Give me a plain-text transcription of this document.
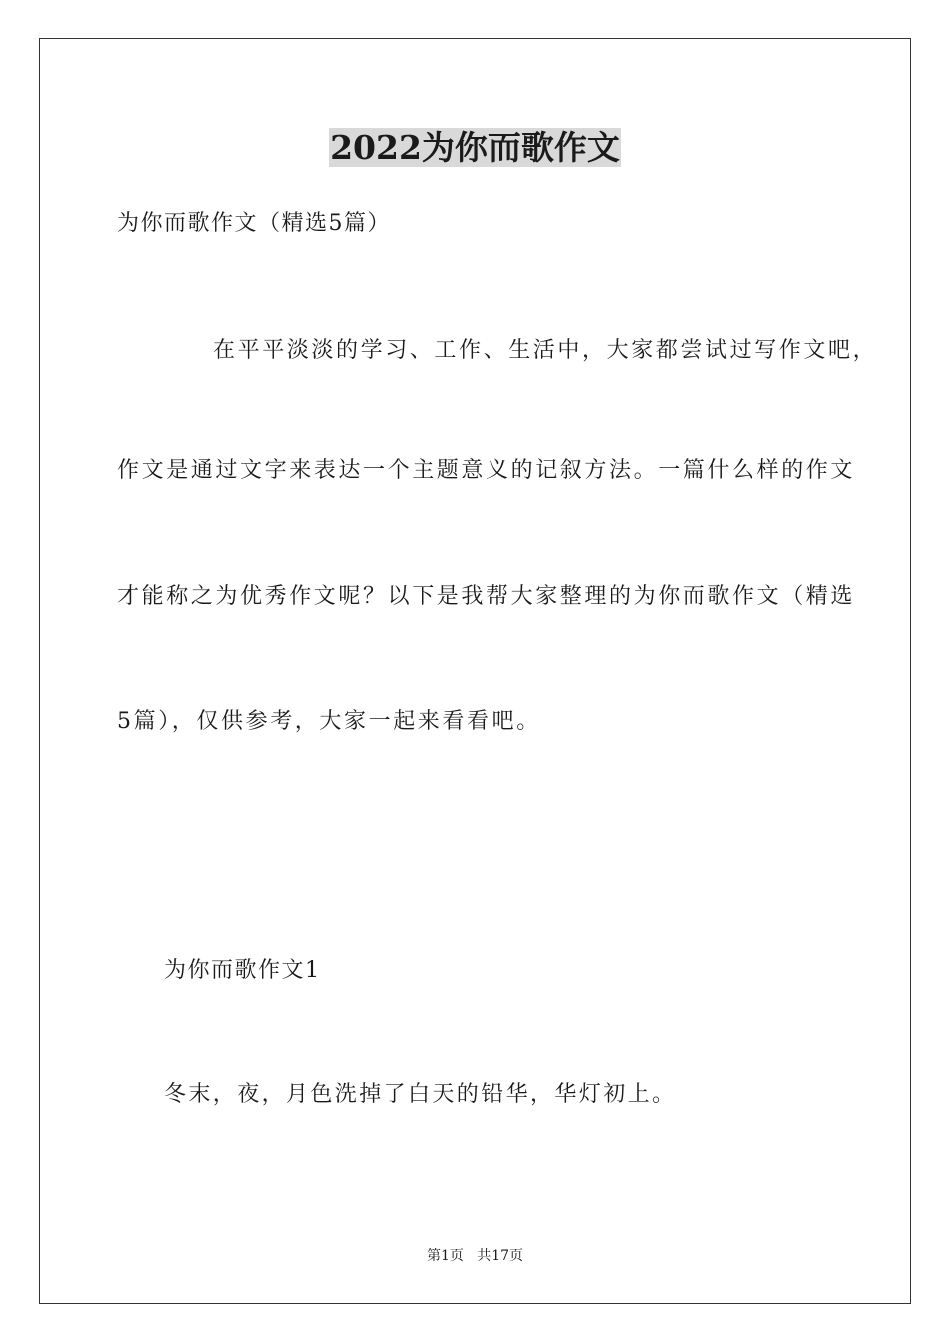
2022为你而歌作文

为你而歌作文（精选5篇）

在平平淡淡的学习、工作、生活中，大家都尝试过写作文吧，

作文是通过文字来表达一个主题意义的记叙方法。一篇什么样的作文

才能称之为优秀作文呢？以下是我帮大家整理的为你而歌作文（精选

5篇），仅供参考，大家一起来看看吧。

为你而歌作文1

冬末，夜，月色洗掉了白天的铅华，华灯初上。

第1页   共17页
